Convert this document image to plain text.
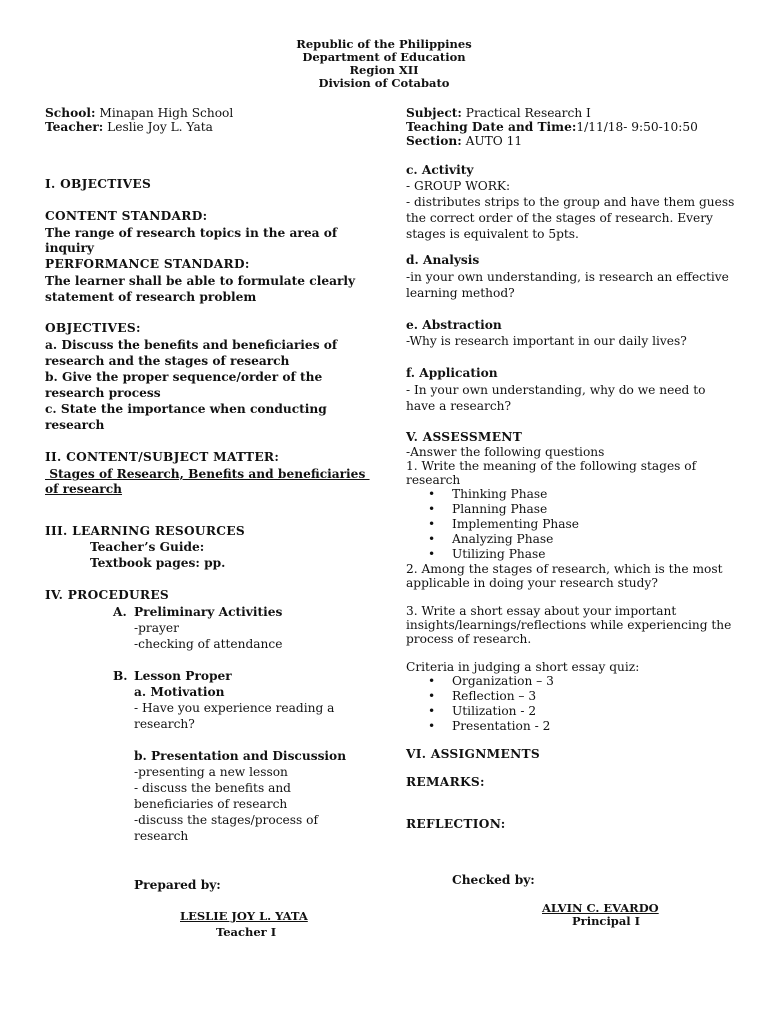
Republic of the Philippines
Department of Education
Region XII
Division of Cotabato
School: Minapan High School
Teacher: Leslie Joy L. Yata
Subject: Practical Research I
Teaching Date and Time:1/11/18- 9:50-10:50
Section: AUTO 11
I. OBJECTIVES
CONTENT STANDARD:
The range of research topics in the area of
inquiry
PERFORMANCE STANDARD:
The learner shall be able to formulate clearly
statement of research problem
OBJECTIVES:
a. Discuss the benefits and beneficiaries of
research and the stages of research
b. Give the proper sequence/order of the
research process
c. State the importance when conducting
research
II. CONTENT/SUBJECT MATTER:
Stages of Research, Benefits and beneficiaries
of research
III. LEARNING RESOURCES
Teacher’s Guide:
Textbook pages: pp.
IV. PROCEDURES
A. Preliminary Activities
-prayer
-checking of attendance
B. Lesson Proper
a. Motivation
- Have you experience reading a
research?
b. Presentation and Discussion
-presenting a new lesson
- discuss the benefits and
beneficiaries of research
-discuss the stages/process of
research
c. Activity
- GROUP WORK:
- distributes strips to the group and have them guess
the correct order of the stages of research. Every
stages is equivalent to 5pts.
d. Analysis
-in your own understanding, is research an effective
learning method?
e. Abstraction
-Why is research important in our daily lives?
f. Application
- In your own understanding, why do we need to
have a research?
V. ASSESSMENT
-Answer the following questions
1. Write the meaning of the following stages of
research
• Thinking Phase
• Planning Phase
• Implementing Phase
• Analyzing Phase
• Utilizing Phase
2. Among the stages of research, which is the most
applicable in doing your research study?
3. Write a short essay about your important
insights/learnings/reflections while experiencing the
process of research.
Criteria in judging a short essay quiz:
• Organization – 3
• Reflection – 3
• Utilization - 2
• Presentation - 2
VI. ASSIGNMENTS
REMARKS:
REFLECTION:
Prepared by:
LESLIE JOY L. YATA
Teacher I
Checked by:
ALVIN C. EVARDO
Principal I
